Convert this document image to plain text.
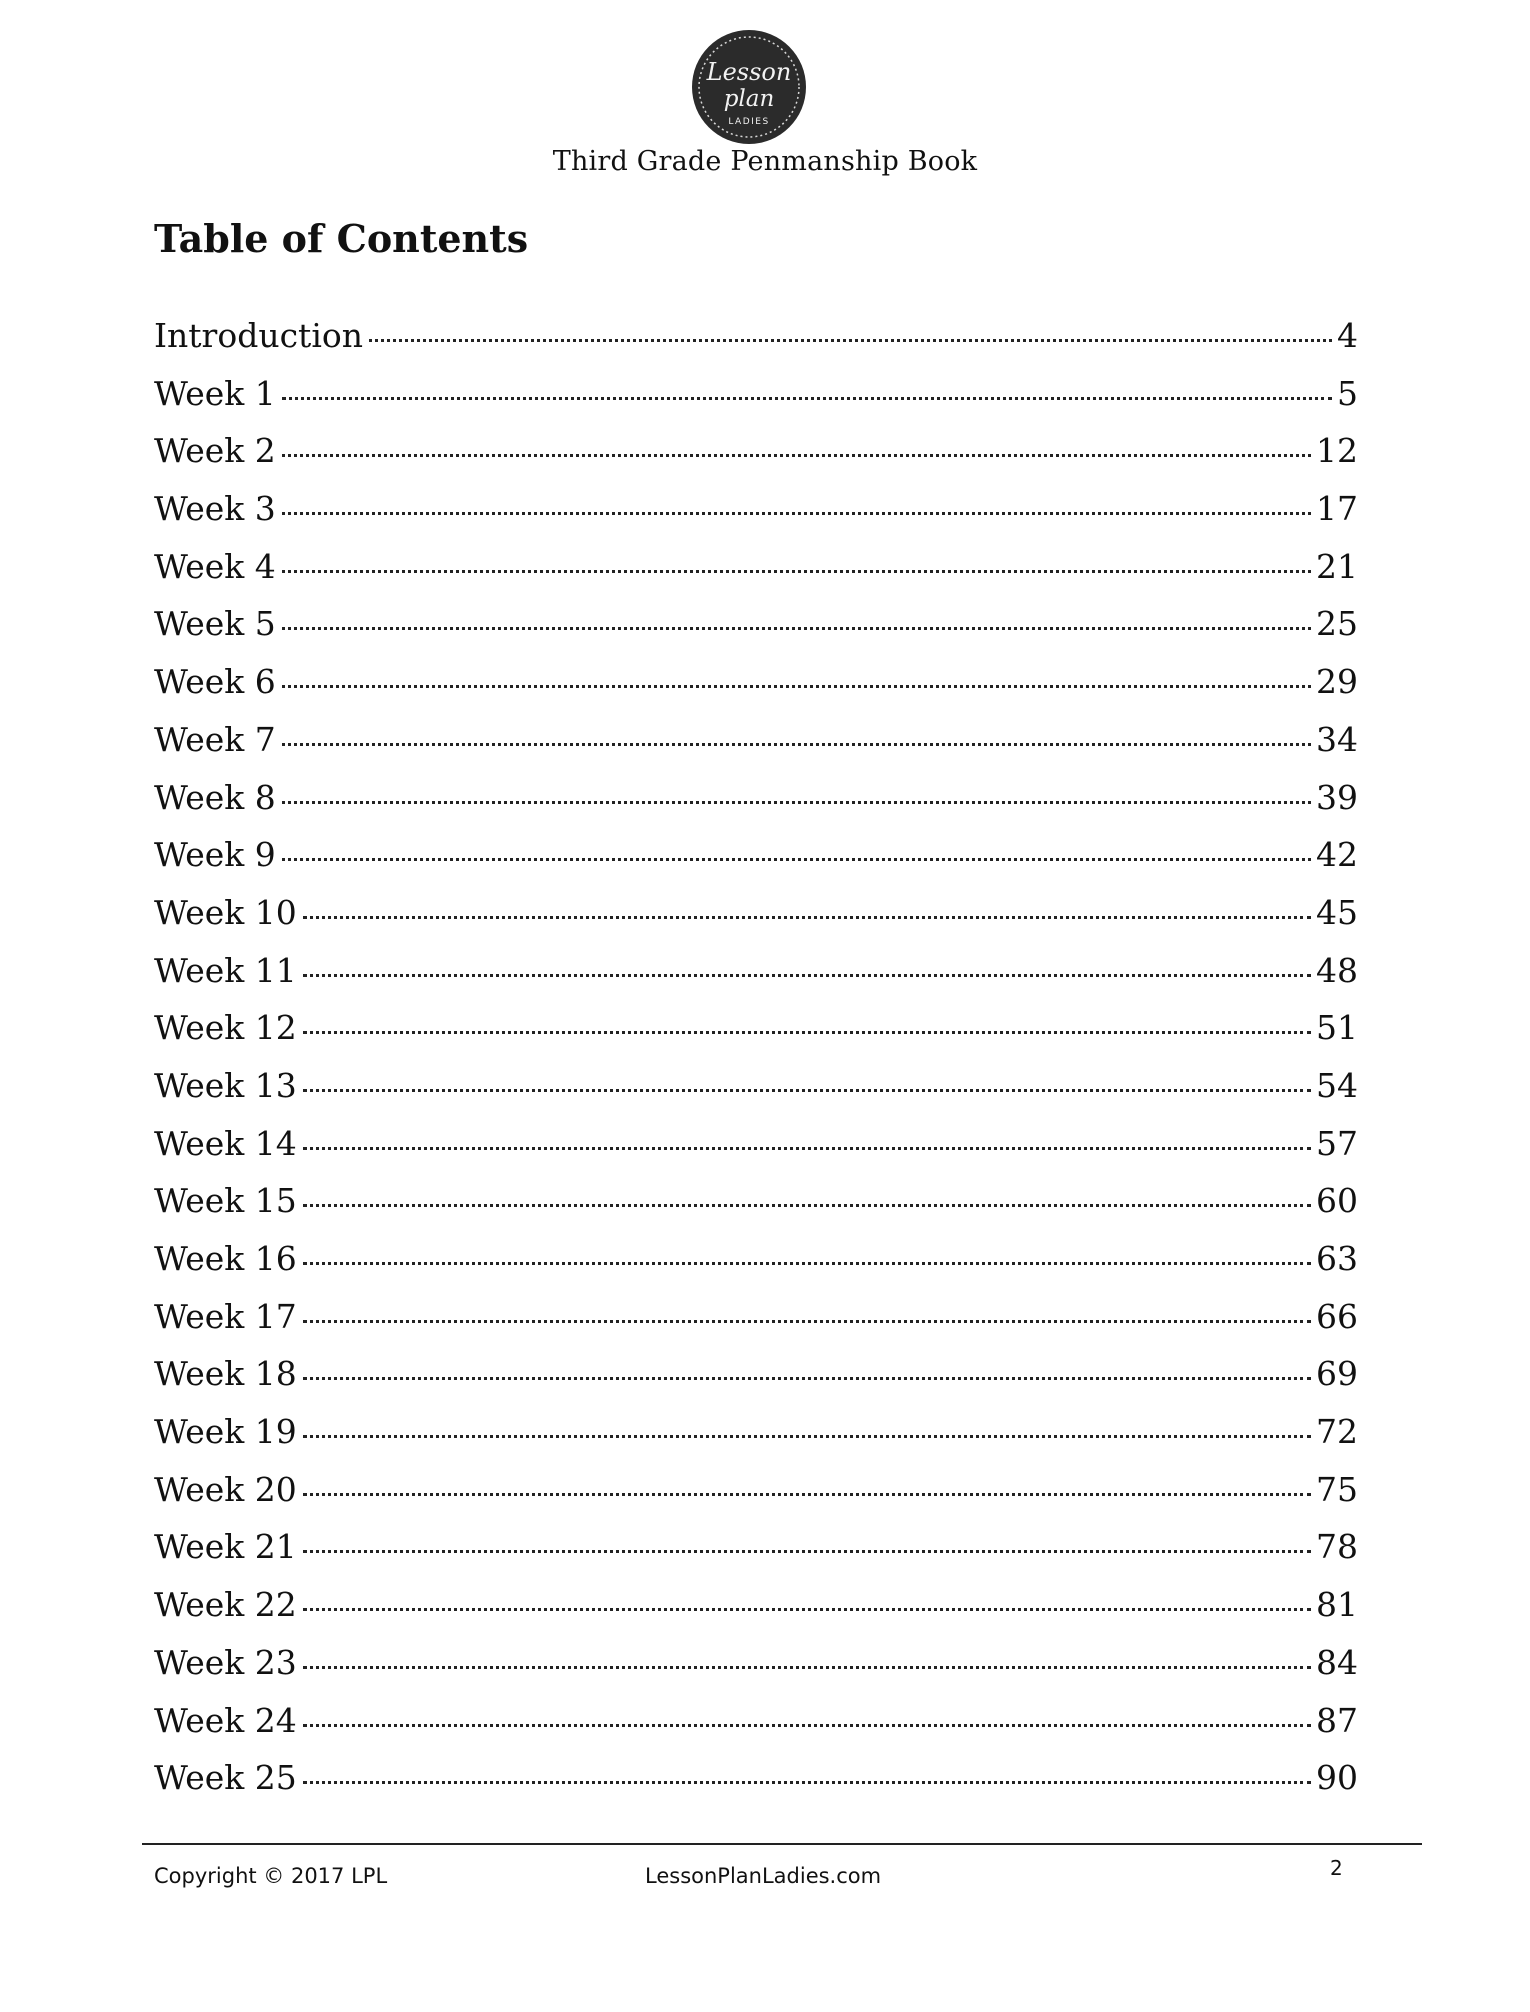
Lesson
plan
LADIES
Third Grade Penmanship Book
Table of Contents
Introduction	4
Week 1	5
Week 2	12
Week 3	17
Week 4	21
Week 5	25
Week 6	29
Week 7	34
Week 8	39
Week 9	42
Week 10	45
Week 11	48
Week 12	51
Week 13	54
Week 14	57
Week 15	60
Week 16	63
Week 17	66
Week 18	69
Week 19	72
Week 20	75
Week 21	78
Week 22	81
Week 23	84
Week 24	87
Week 25	90
Copyright © 2017 LPL	LessonPlanLadies.com	2
